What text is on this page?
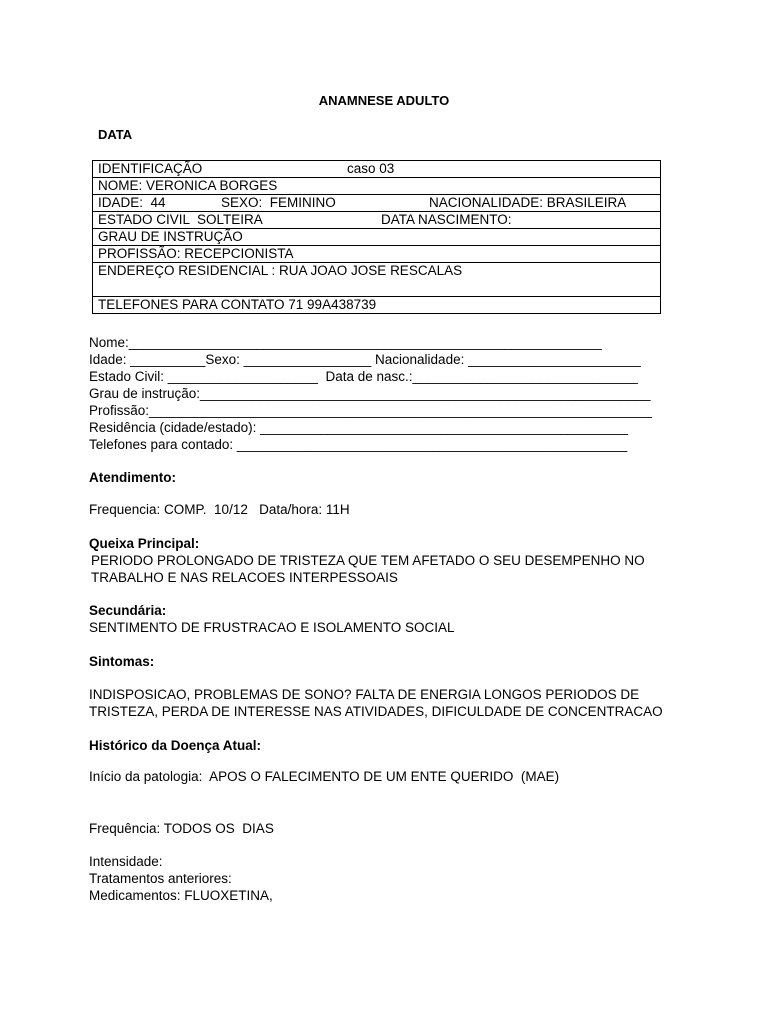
ANAMNESE ADULTO
DATA
IDENTIFICAÇÃO	caso 03

NOME: VERONICA BORGES
IDADE:  44	SEXO:  FEMININO	NACIONALIDADE: BRASILEIRA

ESTADO CIVIL  SOLTEIRA	DATA NASCIMENTO:

GRAU DE INSTRUÇÃO
PROFISSÃO: RECEPCIONISTA
ENDEREÇO RESIDENCIAL : RUA JOAO JOSE RESCALAS
TELEFONES PARA CONTATO 71 99A438739
Nome:_______________________________________________________________
Idade: __________Sexo: _________________ Nacionalidade: _______________________
Estado Civil: ____________________  Data de nasc.:______________________________
Grau de instrução:____________________________________________________________
Profissão:___________________________________________________________________
Residência (cidade/estado): _________________________________________________
Telefones para contado: ____________________________________________________
Atendimento:
Frequencia: COMP.  10/12   Data/hora: 11H
Queixa Principal:
PERIODO PROLONGADO DE TRISTEZA QUE TEM AFETADO O SEU DESEMPENHO NO
TRABALHO E NAS RELACOES INTERPESSOAIS
Secundária:
SENTIMENTO DE FRUSTRACAO E ISOLAMENTO SOCIAL
Sintomas:
INDISPOSICAO, PROBLEMAS DE SONO? FALTA DE ENERGIA LONGOS PERIODOS DE
TRISTEZA, PERDA DE INTERESSE NAS ATIVIDADES, DIFICULDADE DE CONCENTRACAO
Histórico da Doença Atual:
Início da patologia:  APOS O FALECIMENTO DE UM ENTE QUERIDO  (MAE)
Frequência: TODOS OS  DIAS
Intensidade:
Tratamentos anteriores:
Medicamentos: FLUOXETINA,
